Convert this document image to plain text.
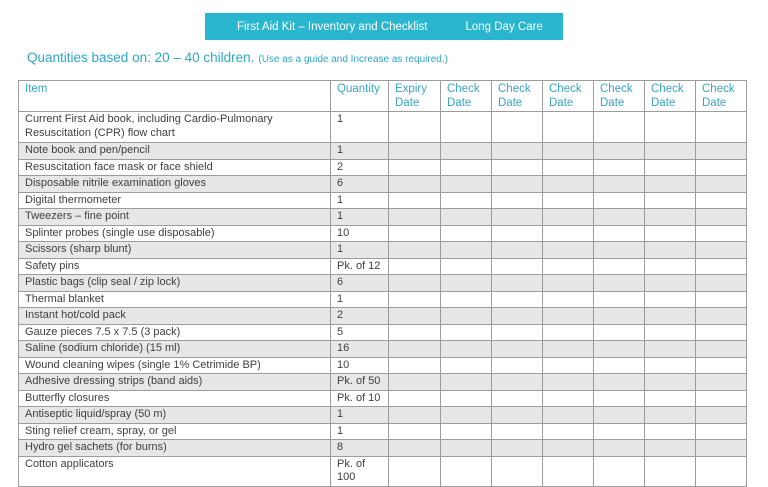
First Aid Kit – Inventory and Checklist	Long Day Care
Quantities based on: 20 – 40 children. (Use as a guide and Increase as required.)
Item	Quantity	Expiry Date	Check Date	Check Date	Check Date	Check Date	Check Date	Check Date
Current First Aid book, including Cardio-Pulmonary Resuscitation (CPR) flow chart	1							
Note book and pen/pencil	1							
Resuscitation face mask or face shield	2							
Disposable nitrile examination gloves	6							
Digital thermometer	1							
Tweezers – fine point	1							
Splinter probes (single use disposable)	10							
Scissors (sharp blunt)	1							
Safety pins	Pk. of 12							
Plastic bags (clip seal / zip lock)	6							
Thermal blanket	1							
Instant hot/cold pack	2							
Gauze pieces 7.5 x 7.5 (3 pack)	5							
Saline (sodium chloride) (15 ml)	16							
Wound cleaning wipes (single 1% Cetrimide BP)	10							
Adhesive dressing strips (band aids)	Pk. of 50							
Butterfly closures	Pk. of 10							
Antiseptic liquid/spray (50 m)	1							
Sting relief cream, spray, or gel	1							
Hydro gel sachets (for burns)	8							
Cotton applicators	Pk. of 100							
